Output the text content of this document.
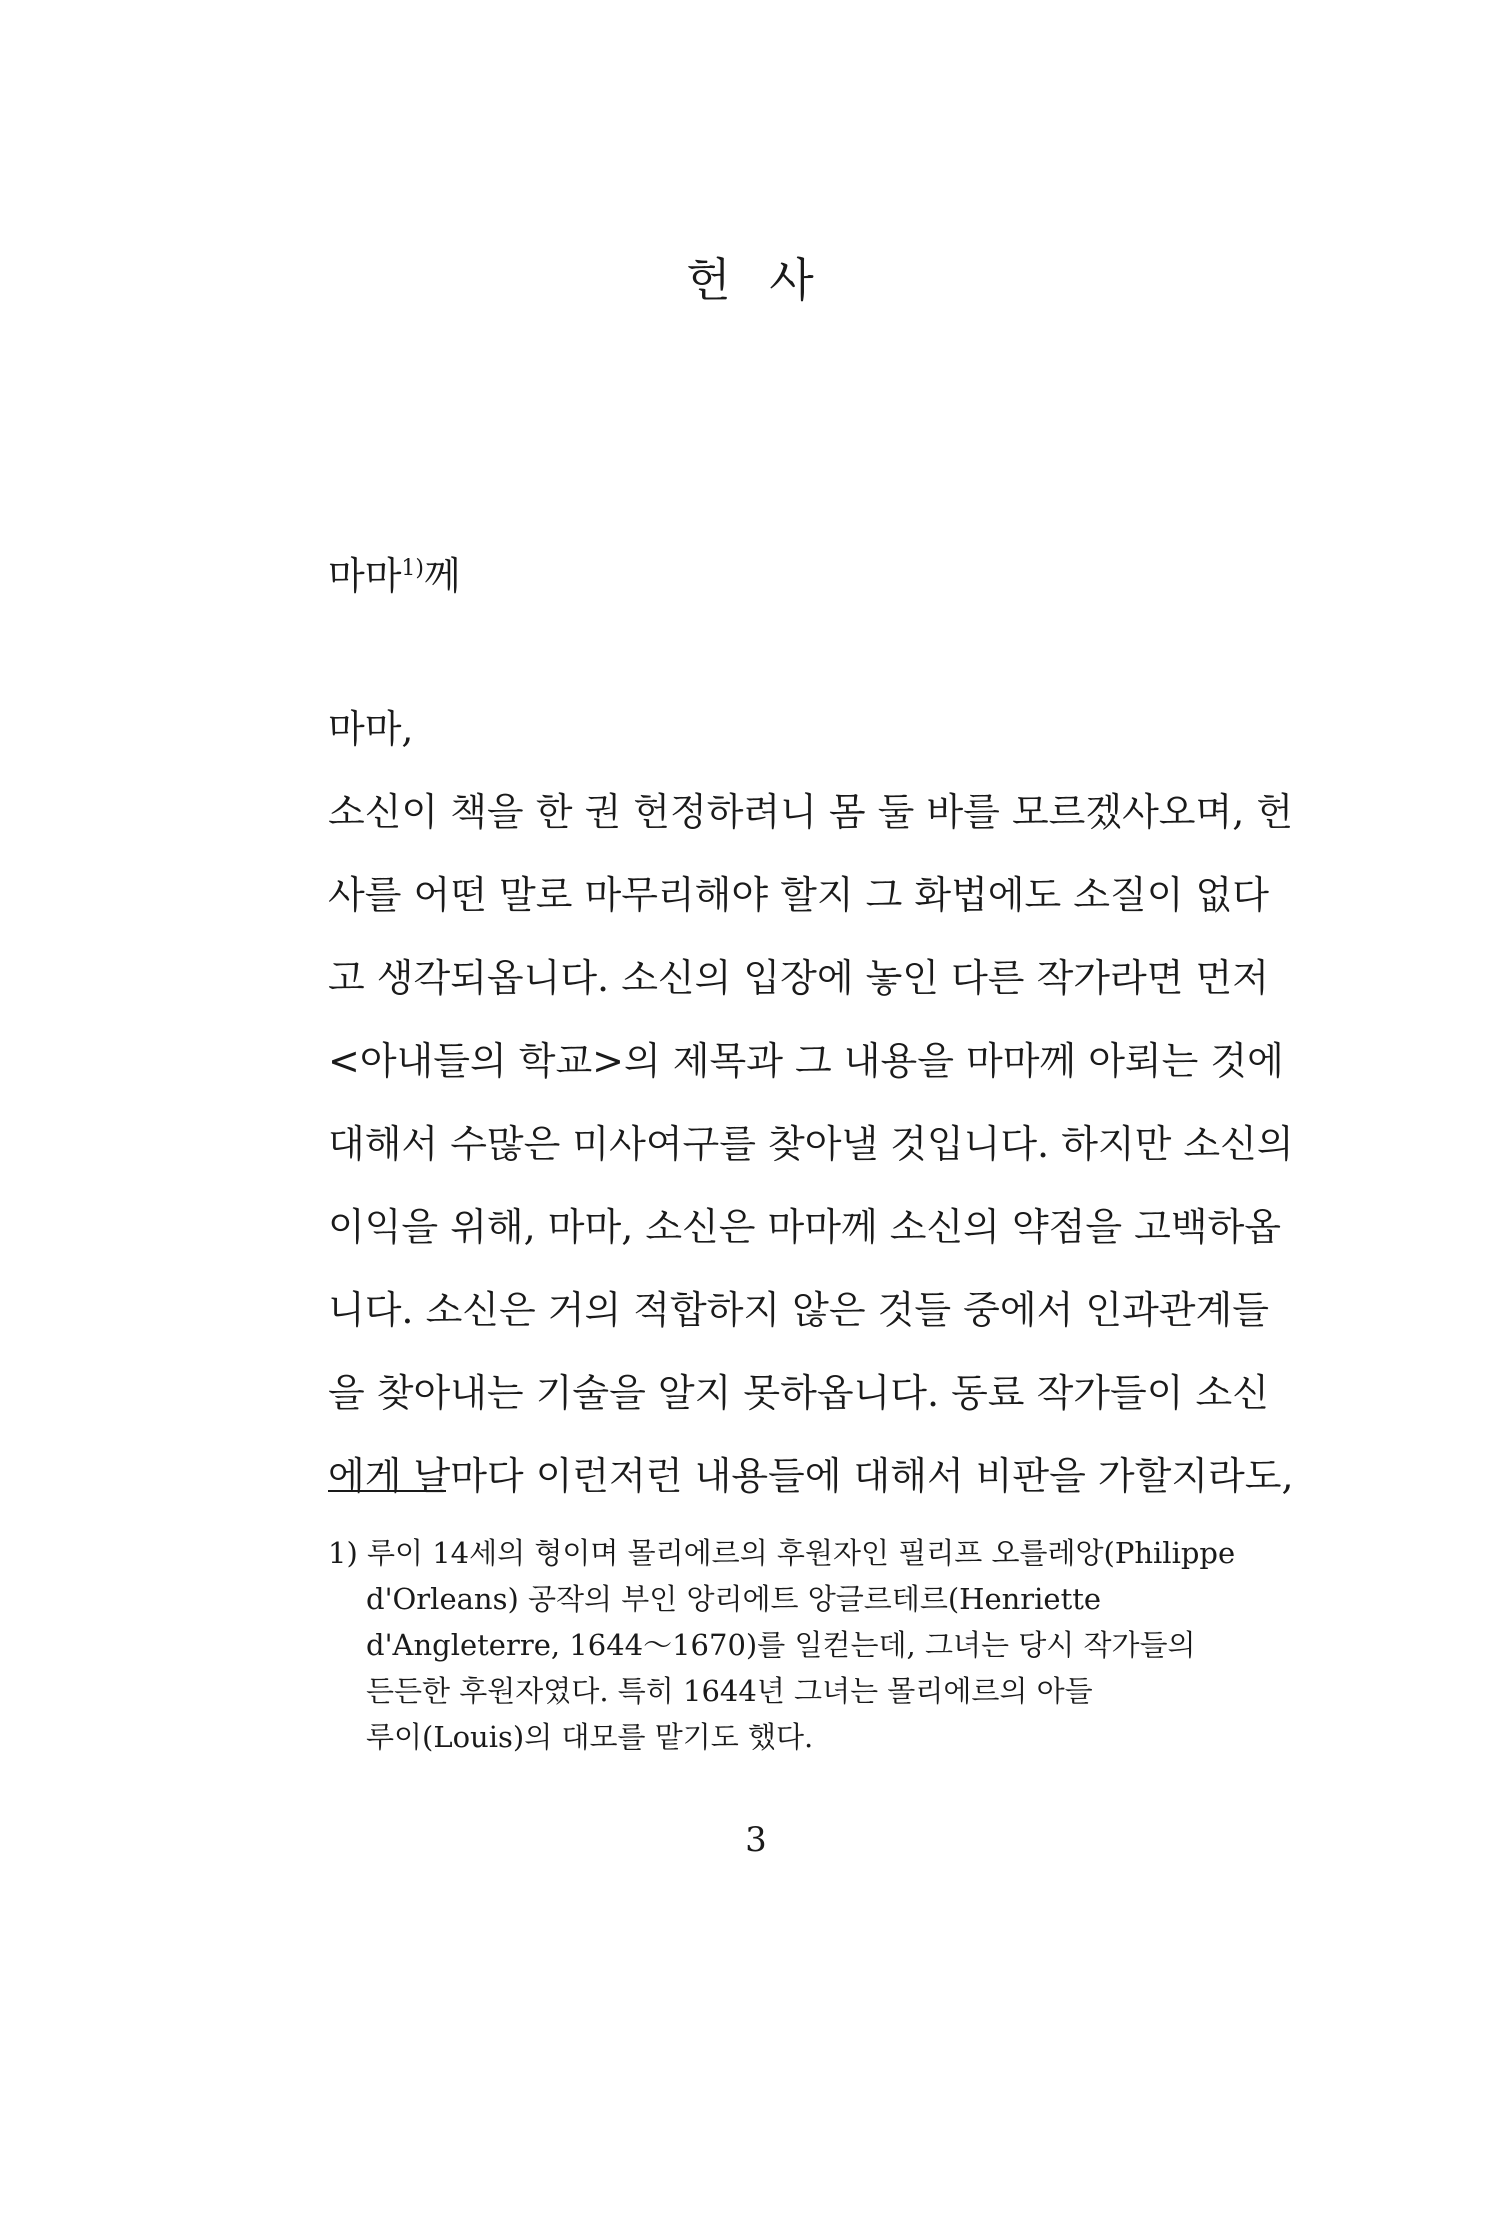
헌 사
마마$^{1)}$께
마마,
소신이 책을 한 권 헌정하려니 몸 둘 바를 모르겠사오며, 헌
사를 어떤 말로 마무리해야 할지 그 화법에도 소질이 없다
고 생각되옵니다. 소신의 입장에 놓인 다른 작가라면 먼저
<아내들의 학교>의 제목과 그 내용을 마마께 아뢰는 것에
대해서 수많은 미사여구를 찾아낼 것입니다. 하지만 소신의
이익을 위해, 마마, 소신은 마마께 소신의 약점을 고백하옵
니다. 소신은 거의 적합하지 않은 것들 중에서 인과관계들
을 찾아내는 기술을 알지 못하옵니다. 동료 작가들이 소신
에게 날마다 이런저런 내용들에 대해서 비판을 가할지라도,
1) 루이 14세의 형이며 몰리에르의 후원자인 필리프 오를레앙(Philippe
d'Orleans) 공작의 부인 앙리에트 앙글르테르(Henriette
d'Angleterre, 1644～1670)를 일컫는데, 그녀는 당시 작가들의
든든한 후원자였다. 특히 1644년 그녀는 몰리에르의 아들
루이(Louis)의 대모를 맡기도 했다.
3
